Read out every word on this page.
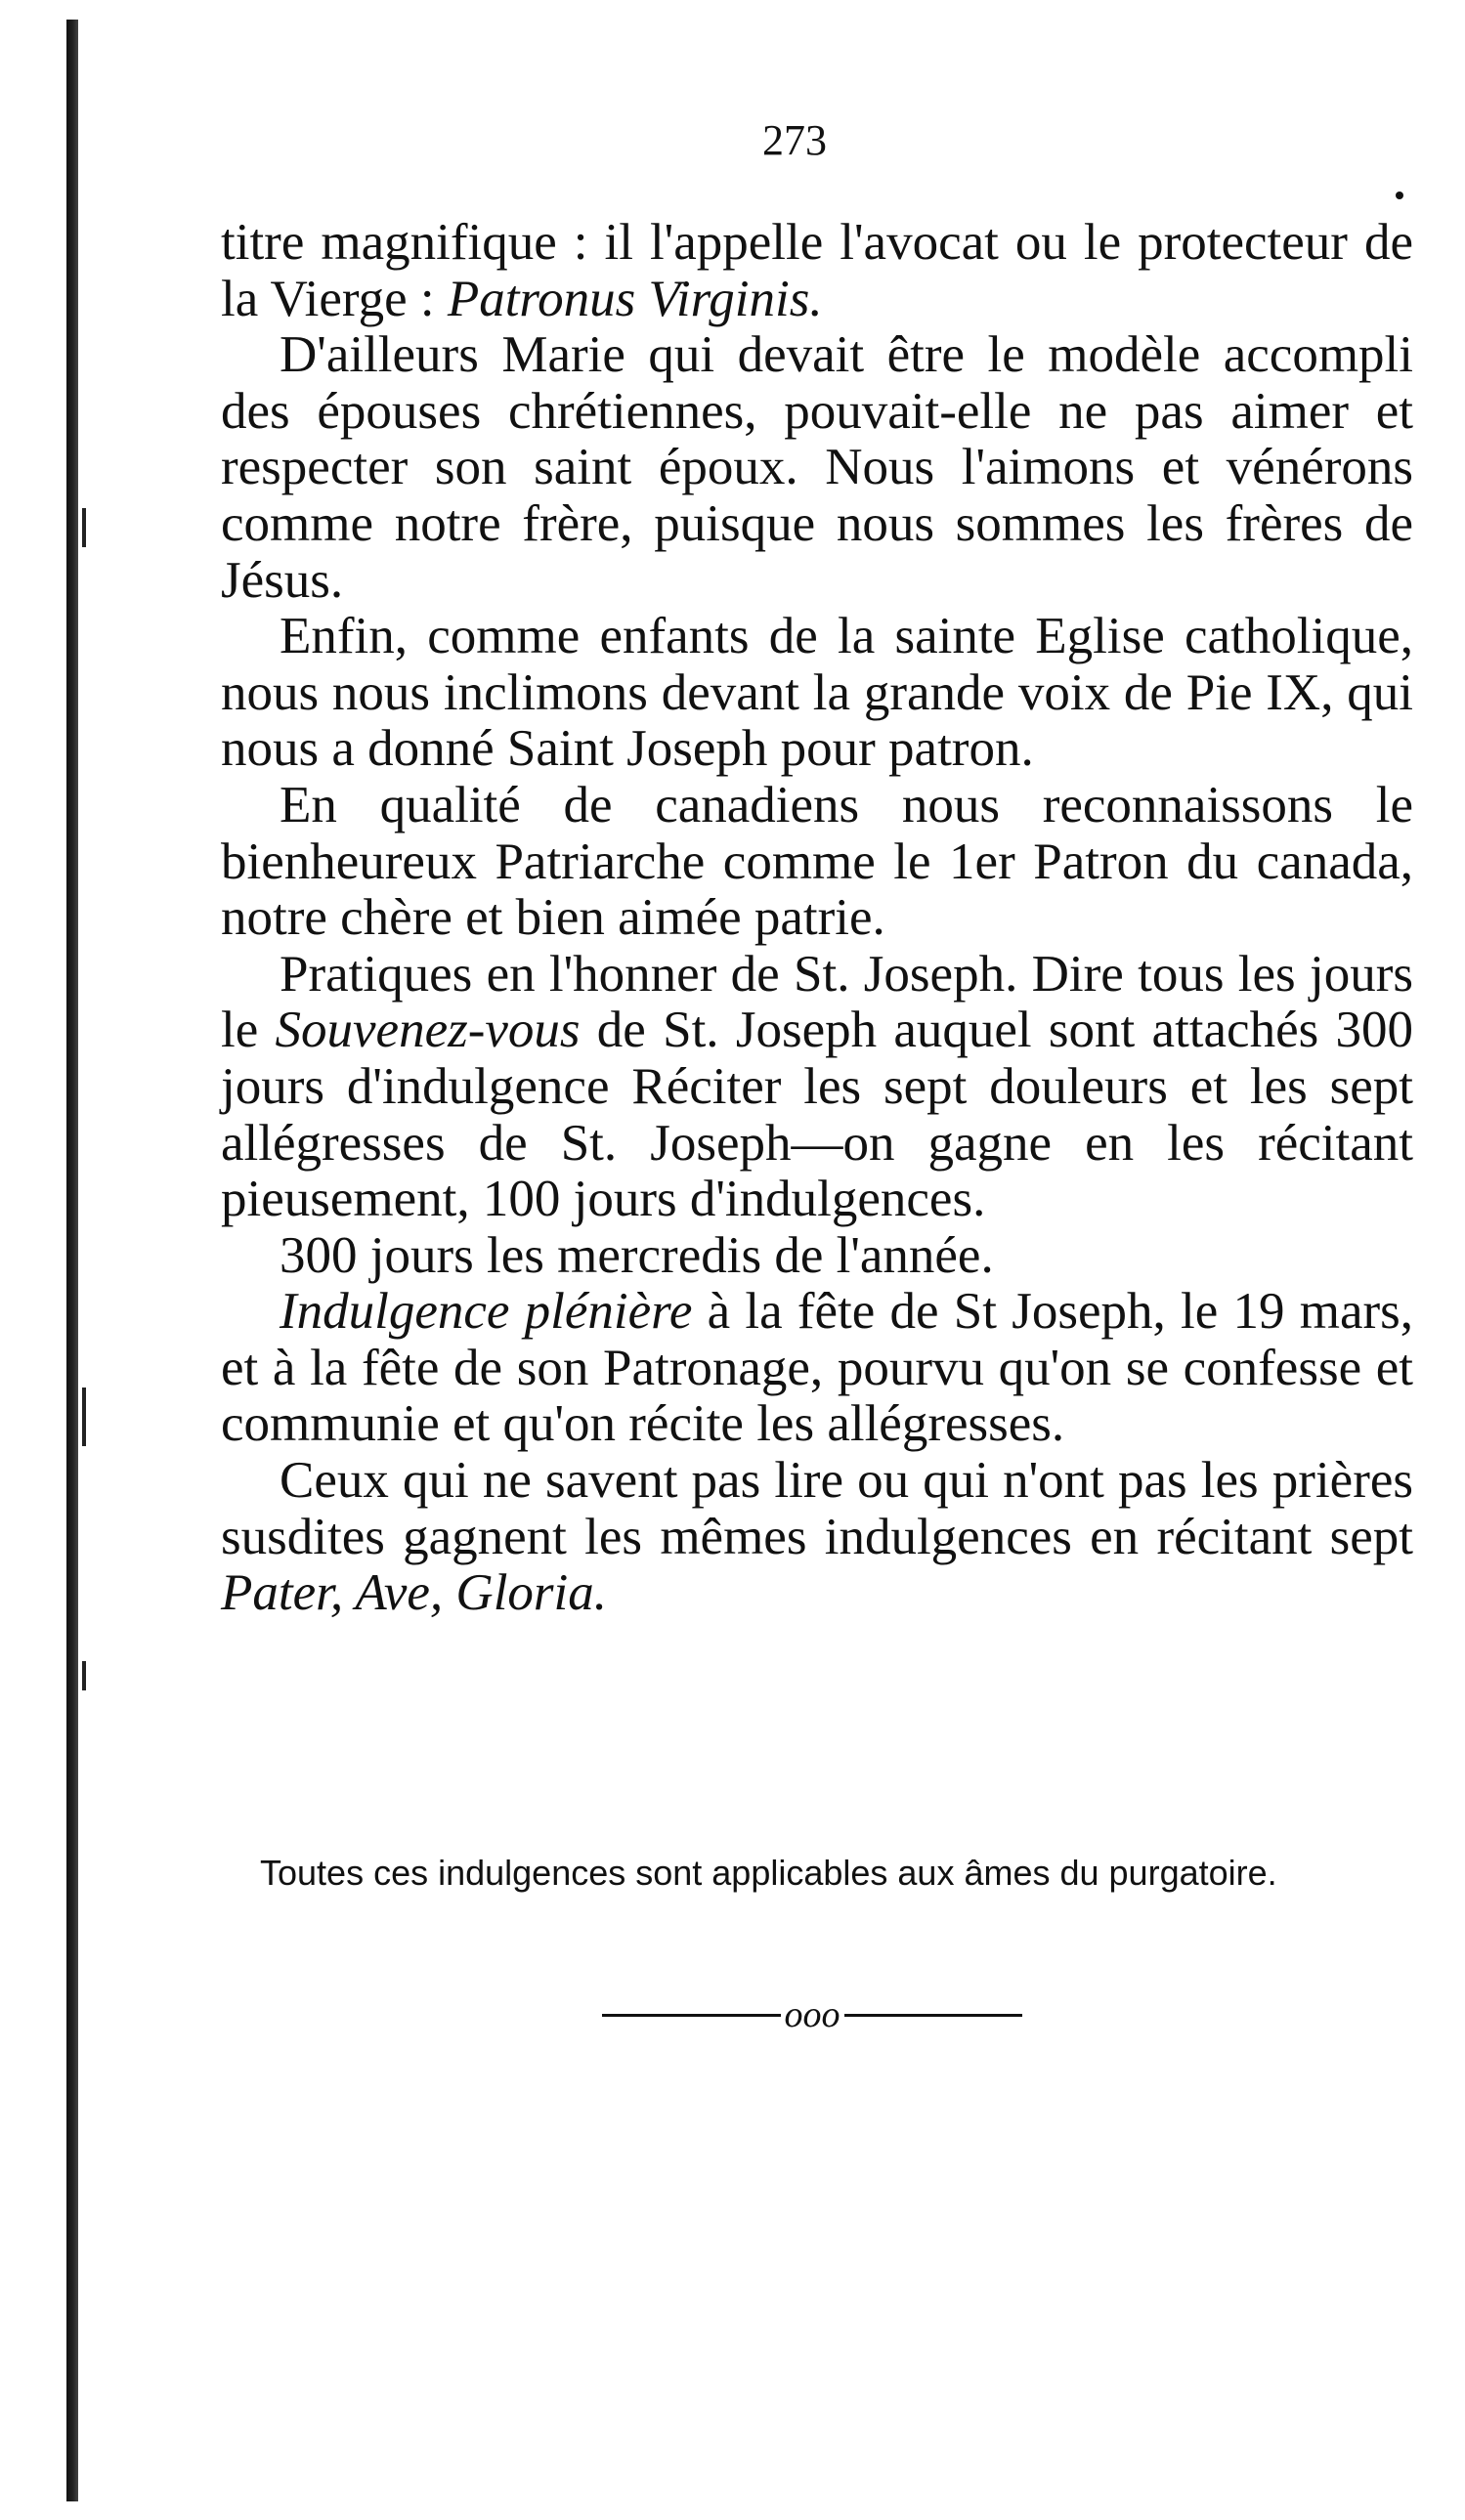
273

titre magnifique : il l'appelle l'avocat ou le protecteur de la Vierge : Patronus Virginis.

D'ailleurs Marie qui devait être le modèle accompli des épouses chrétiennes, pouvait-elle ne pas aimer et respecter son saint époux. Nous l'aimons et vénérons comme notre frère, puisque nous sommes les frères de Jésus.

Enfin, comme enfants de la sainte Eglise catholique, nous nous inclimons devant la grande voix de Pie IX, qui nous a donné Saint Joseph pour patron.

En qualité de canadiens nous reconnaissons le bienheureux Patriarche comme le 1er Patron du canada, notre chère et bien aimée patrie.

Pratiques en l'honner de St. Joseph. Dire tous les jours le Souvenez-vous de St. Joseph auquel sont attachés 300 jours d'indulgence Réciter les sept douleurs et les sept allégresses de St. Joseph—on gagne en les récitant pieusement, 100 jours d'indulgences.

300 jours les mercredis de l'année.

Indulgence plénière à la fête de St Joseph, le 19 mars, et à la fête de son Patronage, pourvu qu'on se confesse et communie et qu'on récite les allégresses.

Ceux qui ne savent pas lire ou qui n'ont pas les prières susdites gagnent les mêmes indulgences en récitant sept Pater, Ave, Gloria.

Toutes ces indulgences sont applicables aux âmes du purgatoire.

ooo
